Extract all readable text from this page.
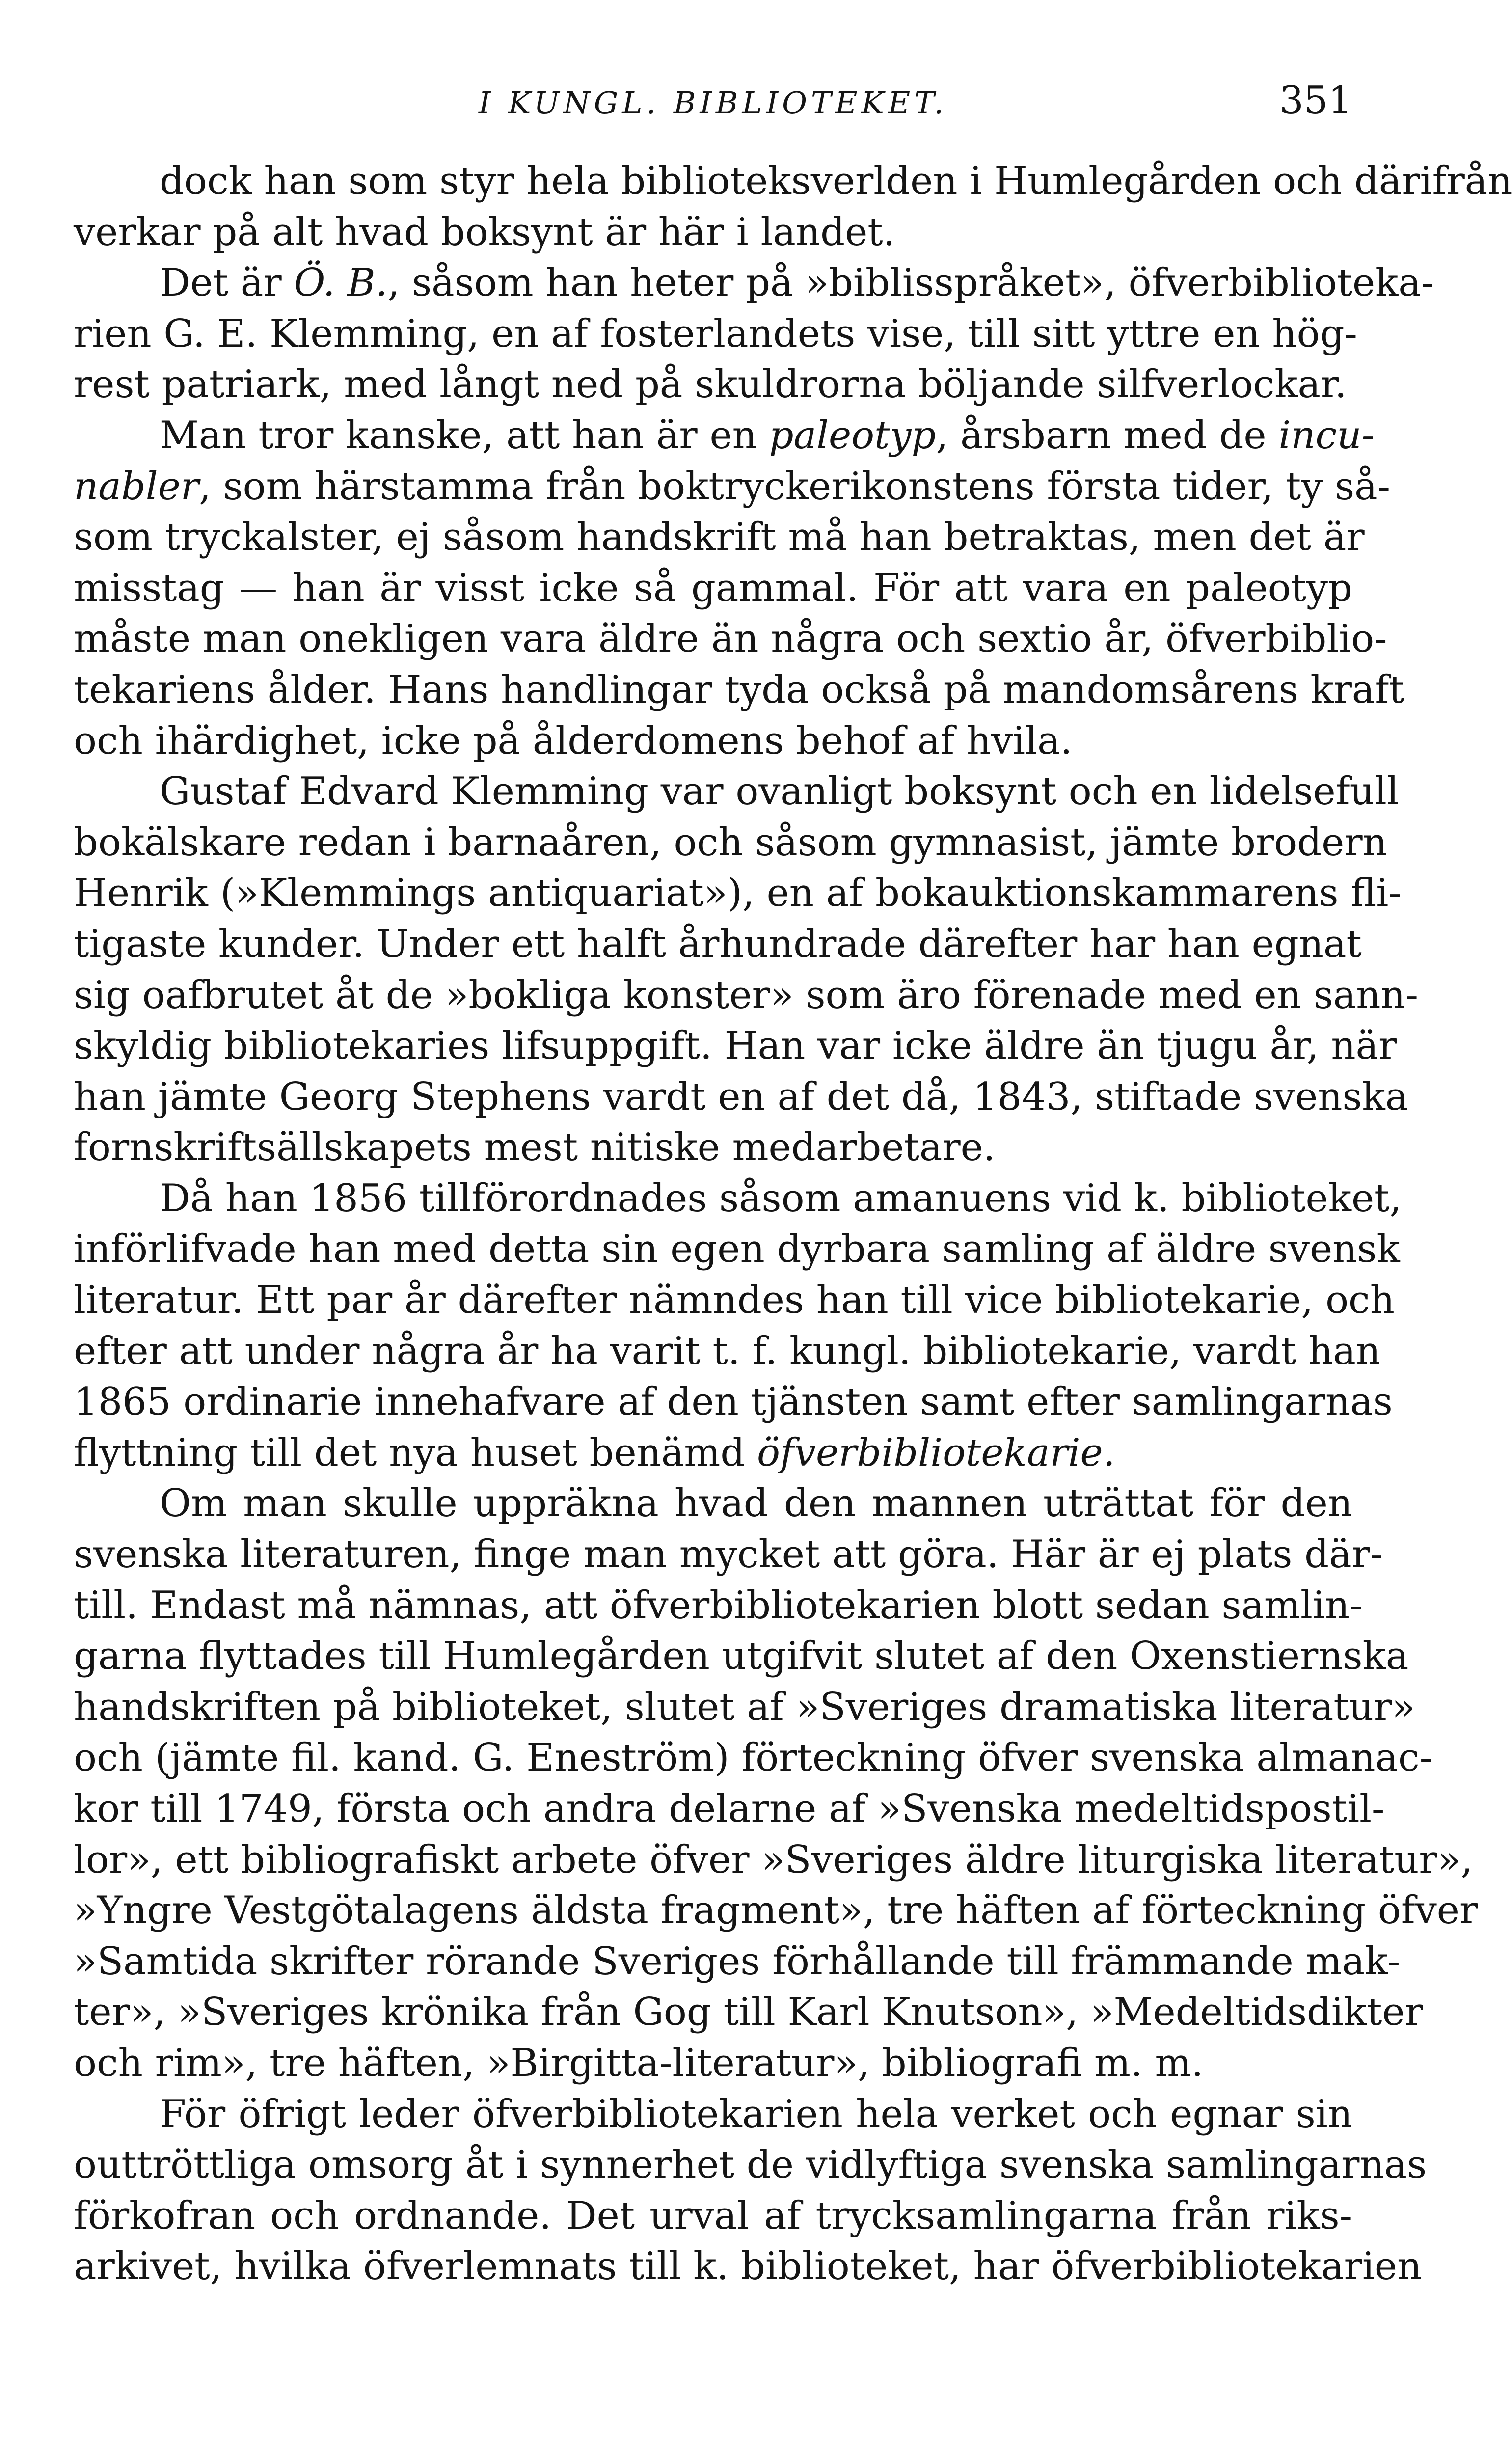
I KUNGL. BIBLIOTEKET.	351

dock han som styr hela biblioteksverlden i Humlegården och därifrån
verkar på alt hvad boksynt är här i landet.

Det är Ö. B., såsom han heter på »biblisspråket», öfverbibliotekа-
rien G. E. Klemming, en af fosterlandets vise, till sitt yttre en hög-
rest patriark, med långt ned på skuldrorna böljande silfverlockar.

Man tror kanske, att han är en paleotyp, årsbarn med de incu-
nabler, som härstamma från boktryckerikonstens första tider, ty så-
som tryckalster, ej såsom handskrift må han betraktas, men det är
misstag — han är visst icke så gammal. För att vara en paleotyp
måste man onekligen vara äldre än några och sextio år, öfverbiblio-
tekariens ålder. Hans handlingar tyda också på mandomsårens kraft
och ihärdighet, icke på ålderdomens behof af hvila.

Gustaf Edvard Klemming var ovanligt boksynt och en lidelsefull
bokälskare redan i barnaåren, och såsom gymnasist, jämte brodern
Henrik (»Klemmings antiquariat»), en af bokauktionskammarens fli-
tigaste kunder. Under ett halft århundrade därefter har han egnat
sig oafbrutet åt de »bokliga konster» som äro förenade med en sann-
skyldig bibliotekaries lifsuppgift. Han var icke äldre än tjugu år, när
han jämte Georg Stephens vardt en af det då, 1843, stiftade svenska
fornskriftsällskapets mest nitiske medarbetare.

Då han 1856 tillförordnades såsom amanuens vid k. biblioteket,
införlifvade han med detta sin egen dyrbara samling af äldre svensk
literatur. Ett par år därefter nämndes han till vice bibliotekarie, och
efter att under några år ha varit t. f. kungl. bibliotekarie, vardt han
1865 ordinarie innehafvare af den tjänsten samt efter samlingarnas
flyttning till det nya huset benämd öfverbibliotekarie.

Om man skulle uppräkna hvad den mannen uträttat för den
svenska literaturen, finge man mycket att göra. Här är ej plats där-
till. Endast må nämnas, att öfverbibliotekarien blott sedan samlin-
garna flyttades till Humlegården utgifvit slutet af den Oxenstiernska
handskriften på biblioteket, slutet af »Sveriges dramatiska literatur»
och (jämte fil. kand. G. Eneström) förteckning öfver svenska almanac-
kor till 1749, första och andra delarne af »Svenska medeltidspostil-
lor», ett bibliografiskt arbete öfver »Sveriges äldre liturgiska literatur»,
»Yngre Vestgötalagens äldsta fragment», tre häften af förteckning öfver
»Samtida skrifter rörande Sveriges förhållande till främmande mak-
ter», »Sveriges krönika från Gog till Karl Knutson», »Medeltidsdikter
och rim», tre häften, »Birgitta-literatur», bibliografi m. m.

För öfrigt leder öfverbibliotekarien hela verket och egnar sin
outtröttliga omsorg åt i synnerhet de vidlyftiga svenska samlingarnas
förkofran och ordnande. Det urval af trycksamlingarna från riks-
arkivet, hvilka öfverlemnats till k. biblioteket, har öfverbibliotekarien
